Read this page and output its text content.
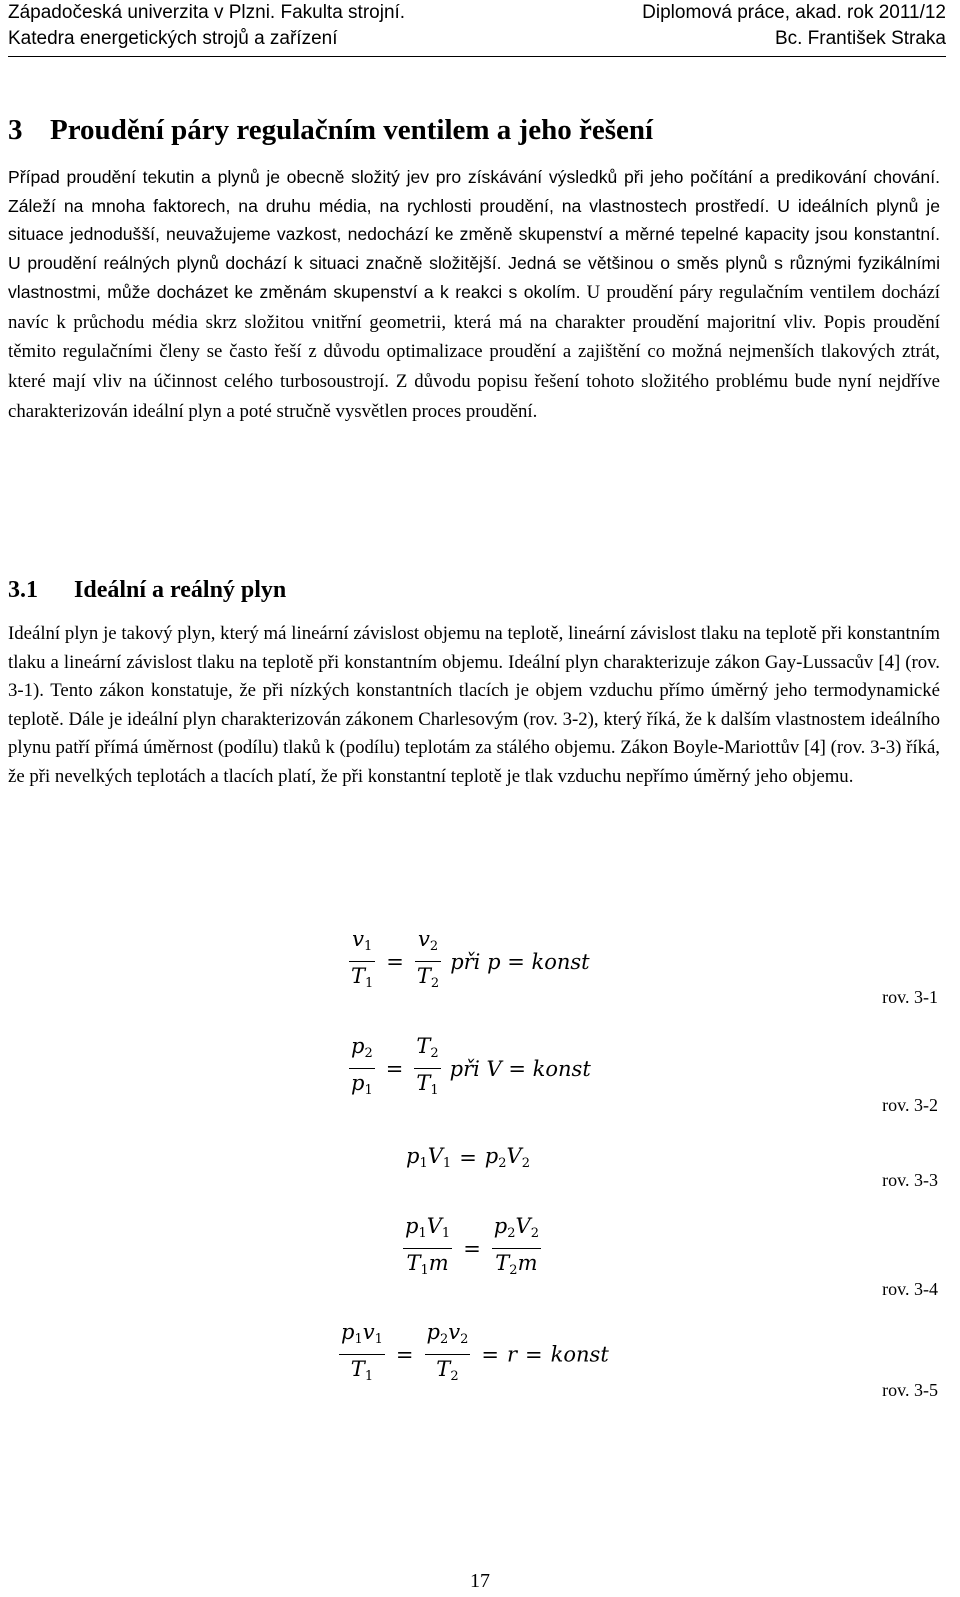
Západočeská univerzita v Plzni. Fakulta strojní.	Diplomová práce, akad. rok 2011/12
Katedra energetických strojů a zařízení	Bc. František Straka
3 Proudění páry regulačním ventilem a jeho řešení
Případ proudění tekutin a plynů je obecně složitý jev pro získávání výsledků při jeho počítání a predikování chování. Záleží na mnoha faktorech, na druhu média, na rychlosti proudění, na vlastnostech prostředí. U ideálních plynů je situace jednodušší, neuvažujeme vazkost, nedochází ke změně skupenství a měrné tepelné kapacity jsou konstantní. U proudění reálných plynů dochází k situaci značně složitější. Jedná se většinou o směs plynů s různými fyzikálními vlastnostmi, může docházet ke změnám skupenství a k reakci s okolím. U proudění páry regulačním ventilem dochází navíc k průchodu média skrz složitou vnitřní geometrii, která má na charakter proudění majoritní vliv. Popis proudění těmito regulačními členy se často řeší z důvodu optimalizace proudění a zajištění co možná nejmenších tlakových ztrát, které mají vliv na účinnost celého turbosoustrojí. Z důvodu popisu řešení tohoto složitého problému bude nyní nejdříve charakterizován ideální plyn a poté stručně vysvětlen proces proudění.
3.1 Ideální a reálný plyn
Ideální plyn je takový plyn, který má lineární závislost objemu na teplotě, lineární závislost tlaku na teplotě při konstantním tlaku a lineární závislost tlaku na teplotě při konstantním objemu. Ideální plyn charakterizuje zákon Gay-Lussacův [4] (rov. 3-1). Tento zákon konstatuje, že při nízkých konstantních tlacích je objem vzduchu přímo úměrný jeho termodynamické teplotě. Dále je ideální plyn charakterizován zákonem Charlesovým (rov. 3-2), který říká, že k dalším vlastnostem ideálního plynu patří přímá úměrnost (podílu) tlaků k (podílu) teplotám za stálého objemu. Zákon Boyle-Mariottův [4] (rov. 3-3) říká, že při nevelkých teplotách a tlacích platí, že při konstantní teplotě je tlak vzduchu nepřímo úměrný jeho objemu.
$\frac{v_1}{T_1} = \frac{v_2}{T_2}$ při p = konst
rov. 3-1
$\frac{p_2}{p_1} = \frac{T_2}{T_1}$ při V = konst
rov. 3-2
$p_1V_1 = p_2V_2$
rov. 3-3
$\frac{p_1V_1}{T_1m} = \frac{p_2V_2}{T_2m}$
rov. 3-4
$\frac{p_1v_1}{T_1} = \frac{p_2v_2}{T_2} = r$ = konst
rov. 3-5
17
